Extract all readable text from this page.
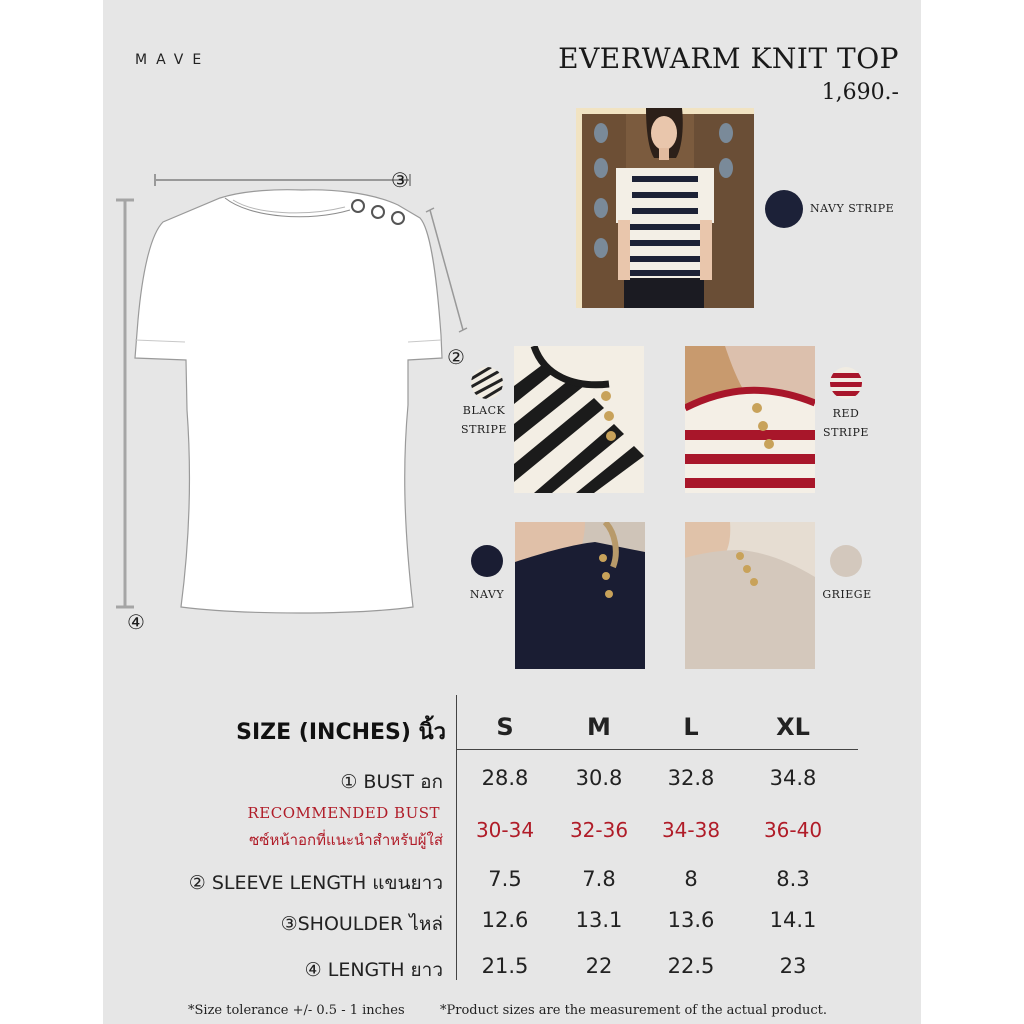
MAVE	EVERWARM KNIT TOP
1,690.-
③
②
④
NAVY STRIPE
BLACK
STRIPE
RED
STRIPE
NAVY	GRIEGE
SIZE (INCHES) นิ้ว	S	M	L	XL
① BUST อก	28.8	30.8	32.8	34.8
RECOMMENDED BUST
ซซ์หน้าอกที่แนะนำสำหรับผู้ใส่	30-34	32-36	34-38	36-40
② SLEEVE LENGTH แขนยาว	7.5	7.8	8	8.3
③SHOULDER ไหล่	12.6	13.1	13.6	14.1
④ LENGTH ยาว	21.5	22	22.5	23
*Size tolerance +/- 0.5 - 1 inches	*Product sizes are the measurement of the actual product.
